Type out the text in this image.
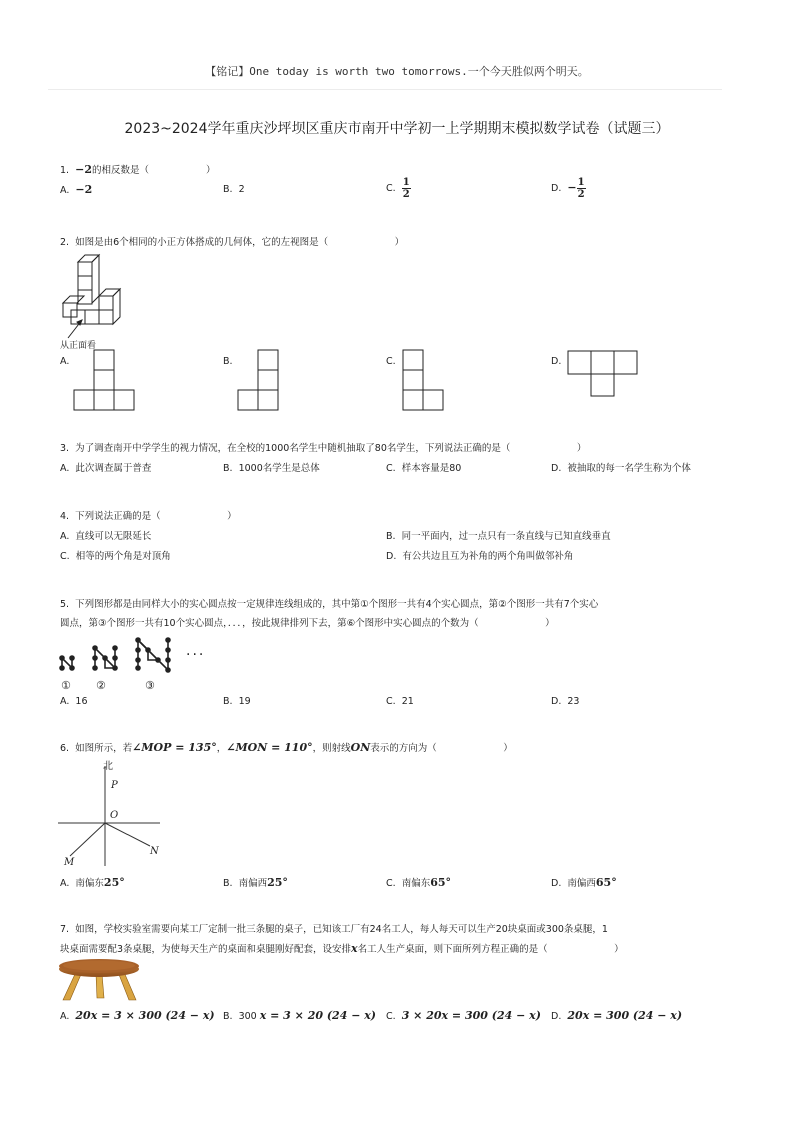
【铭记】One today is worth two tomorrows.一个今天胜似两个明天。
2023~2024学年重庆沙坪坝区重庆市南开中学初一上学期期末模拟数学试卷（试题三）
1. −2的相反数是（　　　　　　）
A. −2	B. 2	C. $\frac{1}{2}$	D. − $\frac{1}{2}$
2. 如图是由6个相同的小正方体搭成的几何体，它的左视图是（　　　　　　　）
从正面看
A.	B.	C.	D.
3. 为了调查南开中学学生的视力情况，在全校的1000名学生中随机抽取了80名学生，下列说法正确的是（　　　　　　　）
A. 此次调查属于普查	B. 1000名学生是总体	C. 样本容量是80	D. 被抽取的每一名学生称为个体
4. 下列说法正确的是（　　　　　　　）
A. 直线可以无限延长	B. 同一平面内，过一点只有一条直线与已知直线垂直
C. 相等的两个角是对顶角	D. 有公共边且互为补角的两个角叫做邻补角
5. 下列图形都是由同样大小的实心圆点按一定规律连线组成的，其中第①个图形一共有4个实心圆点，第②个图形一共有7个实心
圆点，第③个图形一共有10个实心圆点，．．．，按此规律排列下去，第⑥个图形中实心圆点的个数为（　　　　　　　）
···
① ②	③
A. 16	B. 19	C. 21	D. 23
6. 如图所示，若∠MOP = 135°，∠MON = 110°，则射线ON表示的方向为（　　　　　　　）
北
P
O
M
N
A. 南偏东25°	B. 南偏西25°	C. 南偏东65°	D. 南偏西65°
7. 如图，学校实验室需要向某工厂定制一批三条腿的桌子，已知该工厂有24名工人，每人每天可以生产20块桌面或300条桌腿，1
块桌面需要配3条桌腿，为使每天生产的桌面和桌腿刚好配套，设安排x名工人生产桌面，则下面所列方程正确的是（　　　　　　　）
A. 20x = 3 × 300 (24 − x) B. 300 x = 3 × 20 (24 − x) C. 3 × 20x = 300 (24 − x) D. 20x = 300 (24 − x)
